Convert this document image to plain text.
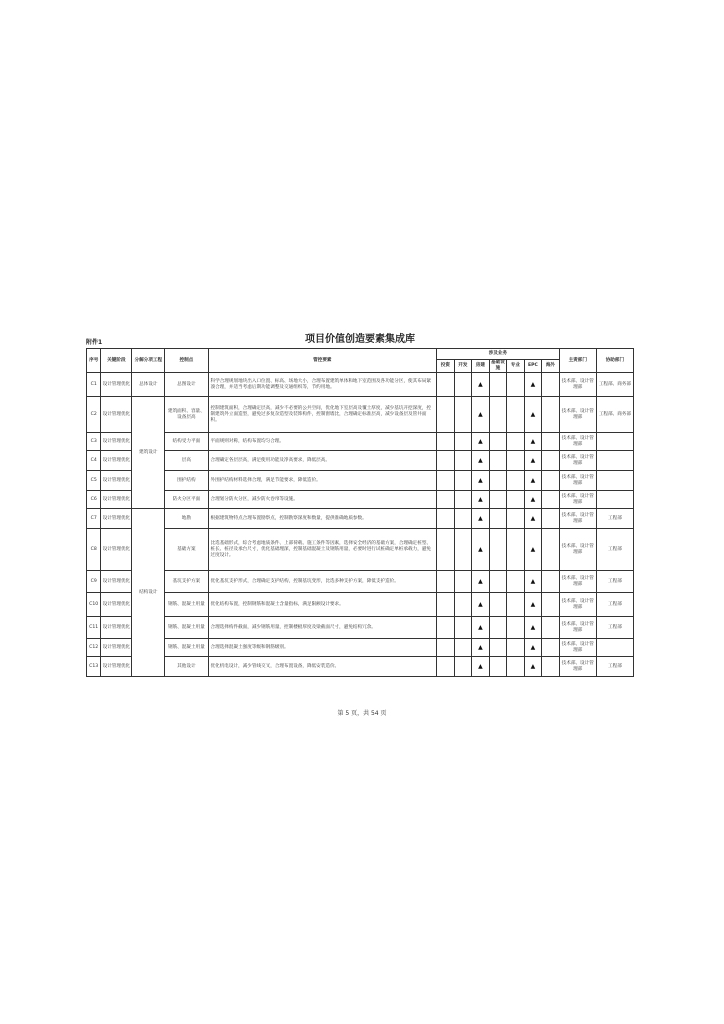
附件1	项目价值创造要素集成库
序号	关键阶段	分解分项工程	控制点	管控要素	涉及业务							主责部门	协助部门
					投资	开发	房建	基础设施	专业	EPC	海外		
C1	设计管理优化	总体设计	总图设计	科学合理规划地块出入口位置、标高、场地大小，合理布置建筑单体和地下室范围及各功能分区，使其布局紧凑合理，并适当考虑后期功能调整及交通组织等，节约用地。			▲			▲		技术部、设计管理部	工程部、商务部
C2	设计管理优化	建筑设计	建筑面积、容量、设备层高	控制建筑面积，合理确定层高，减少不必要的公共空间，优化地下室层高及覆土厚度，减少基坑开挖深度，控制建筑外立面造型，避免过多复杂造型及装饰构件，控制窗墙比，合理确定标准层高，减少设备层及管井面积。			▲			▲		技术部、设计管理部	工程部、商务部
C3	设计管理优化		结构受力平面	平面规则对称，结构布置均匀合理。			▲			▲		技术部、设计管理部	
C4	设计管理优化		层高	合理确定各层层高，满足使用功能及净高要求，降低层高。			▲			▲		技术部、设计管理部	
C5	设计管理优化		围护结构	外围护结构材料选择合理，满足节能要求，降低造价。			▲			▲		技术部、设计管理部	
C6	设计管理优化		防火分区平面	合理划分防火分区，减少防火卷帘等设施。			▲			▲		技术部、设计管理部	
C7	设计管理优化	结构设计	地勘	根据建筑物特点合理布置勘察点，控制勘察深度和数量，提供准确地质参数。			▲			▲		技术部、设计管理部	工程部
C8	设计管理优化		基础方案	比选基础形式，综合考虑地质条件、上部荷载、施工条件等因素，选择安全经济的基础方案，合理确定桩型、桩长、桩径及承台尺寸，优化基础埋深，控制基础混凝土及钢筋用量，必要时进行试桩确定单桩承载力，避免过度设计。			▲			▲		技术部、设计管理部	工程部
C9	设计管理优化		基坑支护方案	优化基坑支护形式，合理确定支护结构，控制基坑变形，比选多种支护方案，降低支护造价。			▲			▲		技术部、设计管理部	工程部
C10	设计管理优化		钢筋、混凝土用量	优化结构布置，控制钢筋和混凝土含量指标，满足限额设计要求。			▲			▲		技术部、设计管理部	工程部
C11	设计管理优化		钢筋、混凝土用量	合理选择构件截面，减少钢筋用量，控制楼板厚度及梁截面尺寸，避免结构冗余。			▲			▲		技术部、设计管理部	工程部
C12	设计管理优化		钢筋、混凝土用量	合理选择混凝土强度等级和钢筋级别。			▲			▲		技术部、设计管理部	
C13	设计管理优化		其他设计	优化机电设计，减少管线交叉，合理布置设备，降低安装造价。			▲			▲		技术部、设计管理部	工程部
第 5 页，共 54 页
